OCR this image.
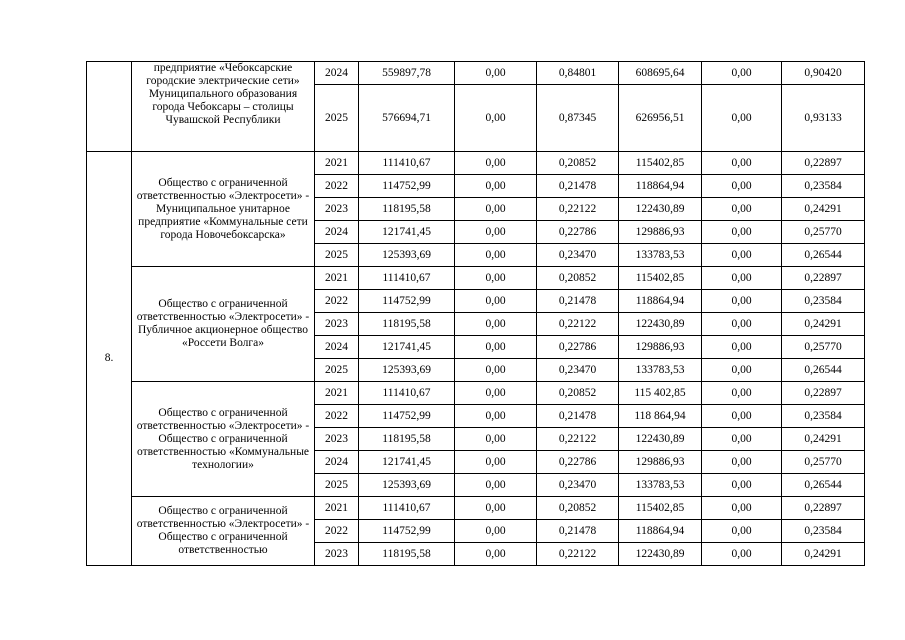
	предприятие «Чебоксарские городские электрические сети» Муниципального образования города Чебоксары – столицы Чувашской Республики	2024	559897,78	0,00	0,84801	608695,64	0,00	0,90420
		2025	576694,71	0,00	0,87345	626956,51	0,00	0,93133
8.	Общество с ограниченной ответственностью «Электросети» - Муниципальное унитарное предприятие «Коммунальные сети города Новочебоксарска»	2021	111410,67	0,00	0,20852	115402,85	0,00	0,22897
		2022	114752,99	0,00	0,21478	118864,94	0,00	0,23584
		2023	118195,58	0,00	0,22122	122430,89	0,00	0,24291
		2024	121741,45	0,00	0,22786	129886,93	0,00	0,25770
		2025	125393,69	0,00	0,23470	133783,53	0,00	0,26544
	Общество с ограниченной ответственностью «Электросети» - Публичное акционерное общество «Россети Волга»	2021	111410,67	0,00	0,20852	115402,85	0,00	0,22897
		2022	114752,99	0,00	0,21478	118864,94	0,00	0,23584
		2023	118195,58	0,00	0,22122	122430,89	0,00	0,24291
		2024	121741,45	0,00	0,22786	129886,93	0,00	0,25770
		2025	125393,69	0,00	0,23470	133783,53	0,00	0,26544
	Общество с ограниченной ответственностью «Электросети» - Общество с ограниченной ответственностью «Коммунальные технологии»	2021	111410,67	0,00	0,20852	115 402,85	0,00	0,22897
		2022	114752,99	0,00	0,21478	118 864,94	0,00	0,23584
		2023	118195,58	0,00	0,22122	122430,89	0,00	0,24291
		2024	121741,45	0,00	0,22786	129886,93	0,00	0,25770
		2025	125393,69	0,00	0,23470	133783,53	0,00	0,26544
	Общество с ограниченной ответственностью «Электросети» - Общество с ограниченной ответственностью	2021	111410,67	0,00	0,20852	115402,85	0,00	0,22897
		2022	114752,99	0,00	0,21478	118864,94	0,00	0,23584
		2023	118195,58	0,00	0,22122	122430,89	0,00	0,24291
